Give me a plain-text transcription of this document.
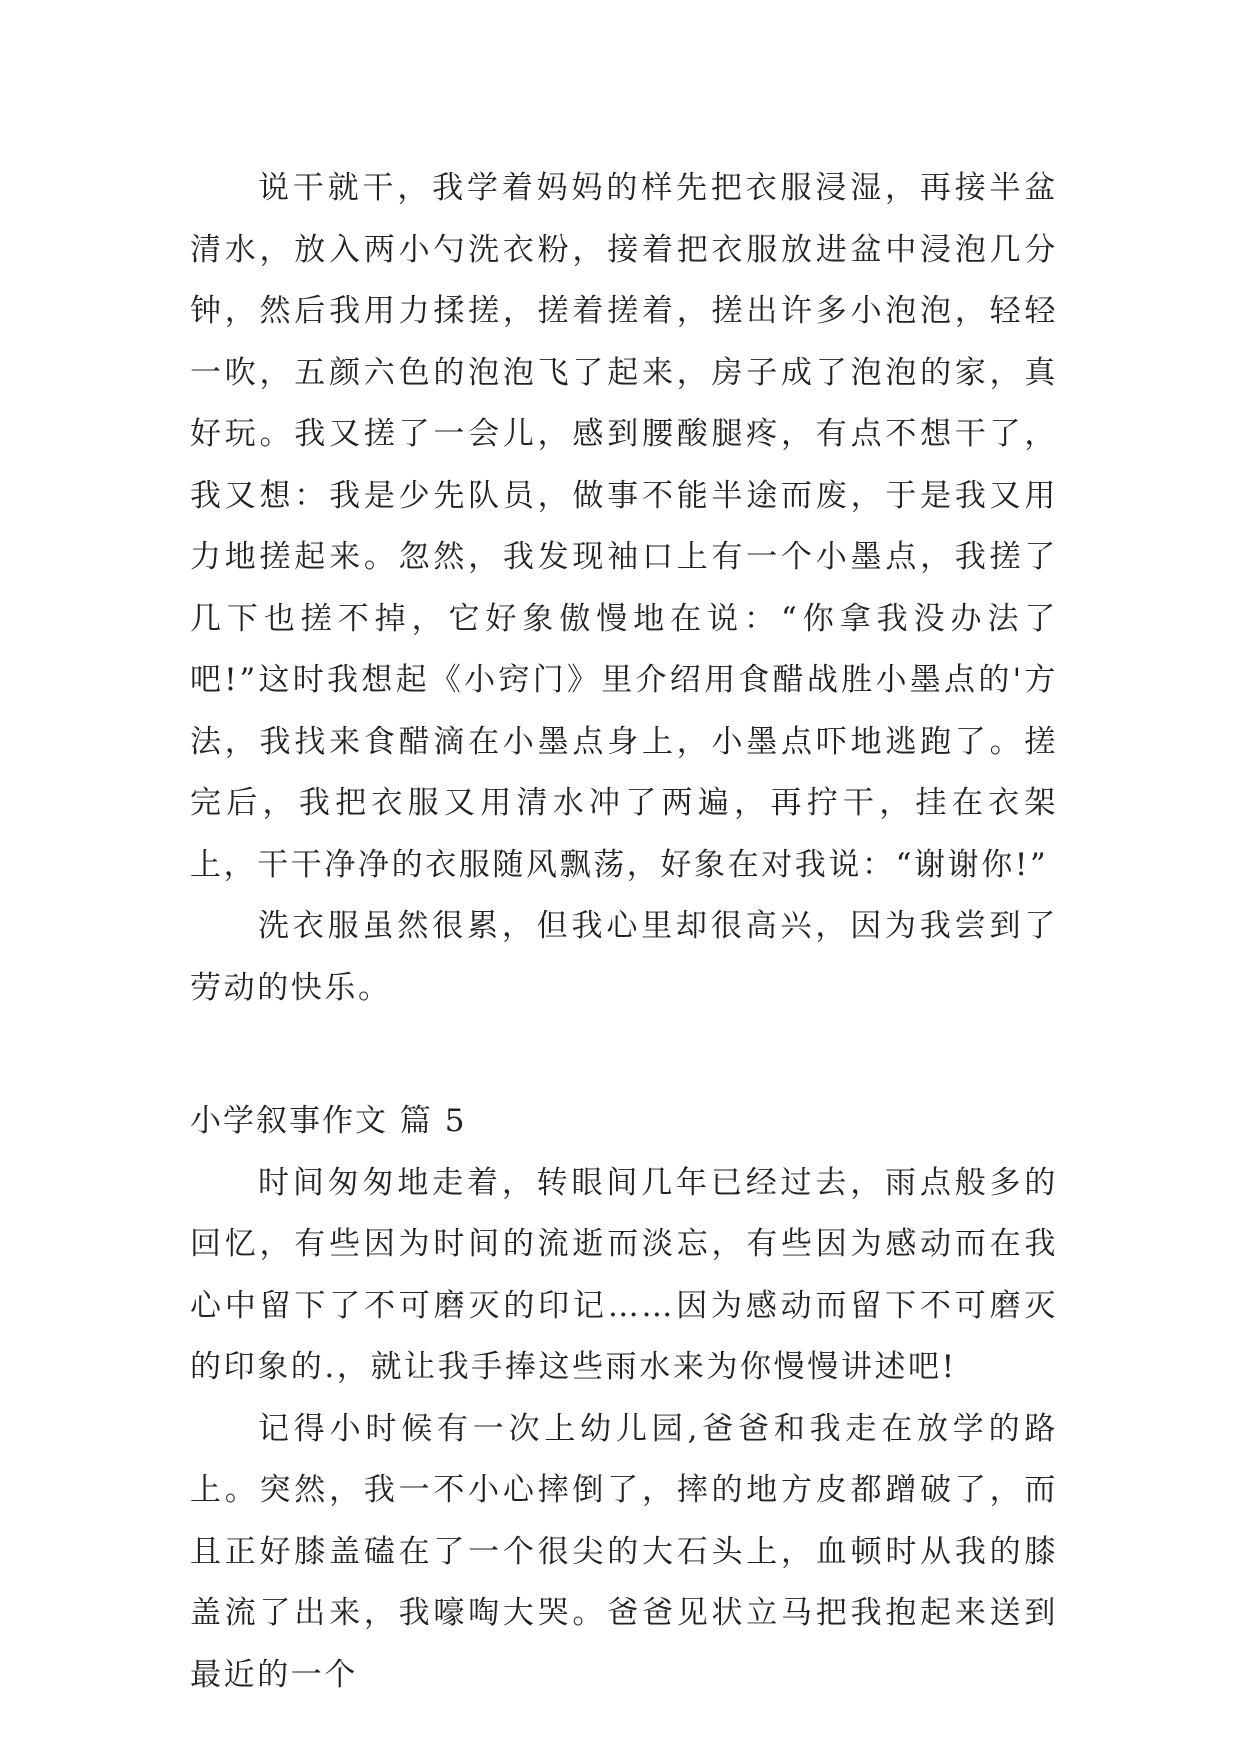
说干就干，我学着妈妈的样先把衣服浸湿，再接半盆清水，放入两小勺洗衣粉，接着把衣服放进盆中浸泡几分钟，然后我用力揉搓，搓着搓着，搓出许多小泡泡，轻轻一吹，五颜六色的泡泡飞了起来，房子成了泡泡的家，真好玩。我又搓了一会儿，感到腰酸腿疼，有点不想干了，我又想：我是少先队员，做事不能半途而废，于是我又用力地搓起来。忽然，我发现袖口上有一个小墨点，我搓了几下也搓不掉，它好象傲慢地在说：“你拿我没办法了吧!”这时我想起《小窍门》里介绍用食醋战胜小墨点的'方法，我找来食醋滴在小墨点身上，小墨点吓地逃跑了。搓完后，我把衣服又用清水冲了两遍，再拧干，挂在衣架上，干干净净的衣服随风飘荡，好象在对我说：“谢谢你!”

洗衣服虽然很累，但我心里却很高兴，因为我尝到了劳动的快乐。

小学叙事作文 篇 5

时间匆匆地走着，转眼间几年已经过去，雨点般多的回忆，有些因为时间的流逝而淡忘，有些因为感动而在我心中留下了不可磨灭的印记……因为感动而留下不可磨灭的印象的.，就让我手捧这些雨水来为你慢慢讲述吧!

记得小时候有一次上幼儿园,爸爸和我走在放学的路上。突然，我一不小心摔倒了，摔的地方皮都蹭破了，而且正好膝盖磕在了一个很尖的大石头上，血顿时从我的膝盖流了出来，我嚎啕大哭。爸爸见状立马把我抱起来送到最近的一个
